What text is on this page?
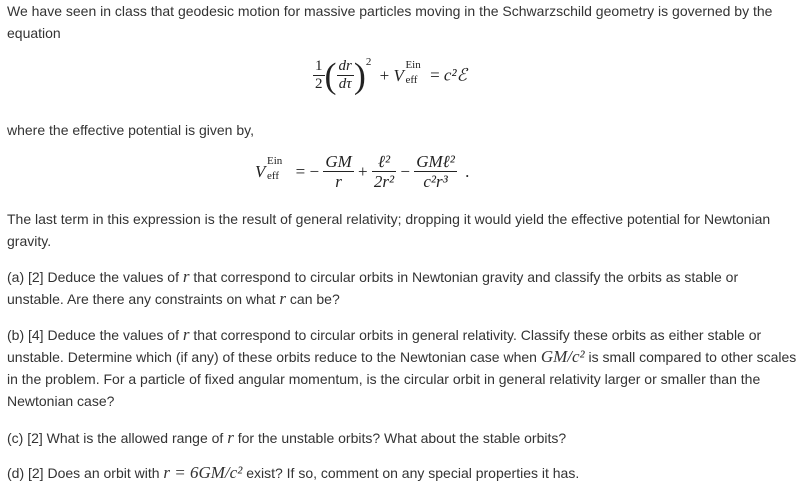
We have seen in class that geodesic motion for massive particles moving in the Schwarzschild geometry is governed by the equation

$\frac{1}{2}$ ( $\frac{dr}{d\tau} )^2 + V$
Ein
eff = c²ℰ

where the effective potential is given by,

V
Ein
eff = − $\frac{GM}{r} + \frac{\text{ℓ²}}{\text{2r²}} - \frac{\text{GMℓ²}}{\text{c²r³}}$ .

The last term in this expression is the result of general relativity; dropping it would yield the effective potential for Newtonian gravity.

(a) [2] Deduce the values of r that correspond to circular orbits in Newtonian gravity and classify the orbits as stable or unstable. Are there any constraints on what r can be?

(b) [4] Deduce the values of r that correspond to circular orbits in general relativity. Classify these orbits as either stable or unstable. Determine which (if any) of these orbits reduce to the Newtonian case when GM/c² is small compared to other scales in the problem. For a particle of fixed angular momentum, is the circular orbit in general relativity larger or smaller than the Newtonian case?

(c) [2] What is the allowed range of r for the unstable orbits? What about the stable orbits?

(d) [2] Does an orbit with r = 6GM/c² exist? If so, comment on any special properties it has.
